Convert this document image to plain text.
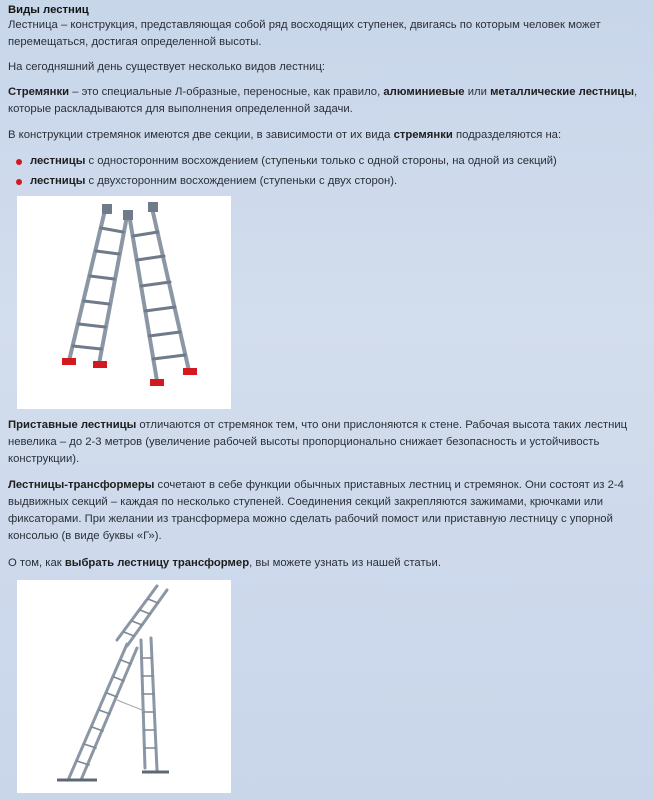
Виды лестниц

Лестница – конструкция, представляющая собой ряд восходящих ступенек, двигаясь по которым человек может перемещаться, достигая определенной высоты.

На сегодняшний день существует несколько видов лестниц:

Стремянки – это специальные Л-образные, переносные, как правило, алюминиевые или металлические лестницы, которые раскладываются для выполнения определенной задачи.

В конструкции стремянок имеются две секции, в зависимости от их вида стремянки подразделяются на:

лестницы с односторонним восхождением (ступеньки только с одной стороны, на одной из секций)
лестницы с двухсторонним восхождением (ступеньки с двух сторон).

Приставные лестницы отличаются от стремянок тем, что они прислоняются к стене. Рабочая высота таких лестниц невелика – до 2-3 метров (увеличение рабочей высоты пропорционально снижает безопасность и устойчивость конструкции).

Лестницы-трансформеры сочетают в себе функции обычных приставных лестниц и стремянок. Они состоят из 2-4 выдвижных секций – каждая по несколько ступеней. Соединения секций закрепляются зажимами, крючками или фиксаторами. При желании из трансформера можно сделать рабочий помост или приставную лестницу с упорной консолью (в виде буквы «Г»).

О том, как выбрать лестницу трансформер, вы можете узнать из нашей статьи.
